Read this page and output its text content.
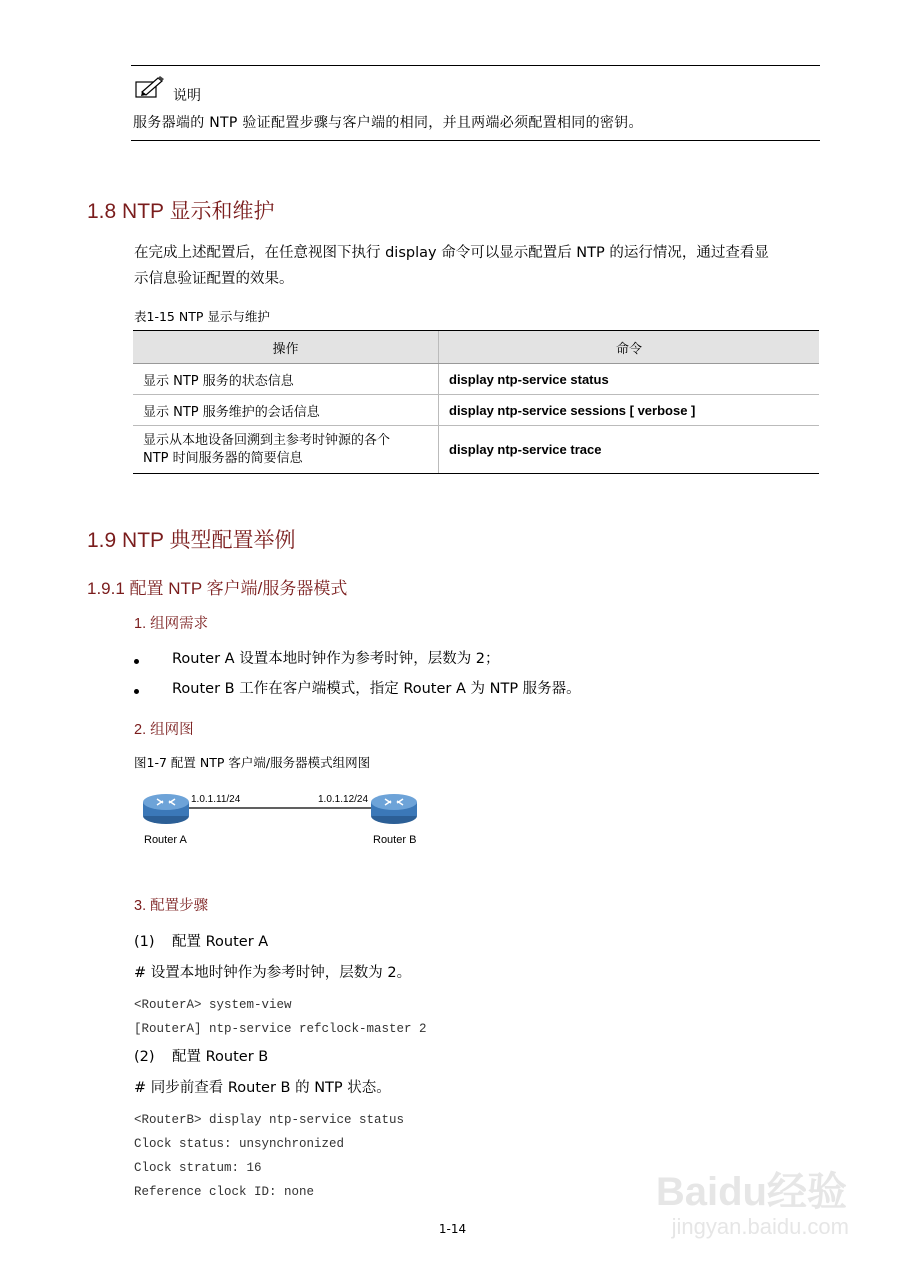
说明
服务器端的 NTP 验证配置步骤与客户端的相同，并且两端必须配置相同的密钥。
1.8 NTP 显示和维护
在完成上述配置后，在任意视图下执行 display 命令可以显示配置后 NTP 的运行情况，通过查看显
示信息验证配置的效果。
表1-15 NTP 显示与维护
操作	命令
显示 NTP 服务的状态信息	display ntp-service status
显示 NTP 服务维护的会话信息	display ntp-service sessions [ verbose ]

显示从本地设备回溯到主参考时钟源的各个
NTP 时间服务器的简要信息	display ntp-service trace
1.9 NTP 典型配置举例
1.9.1 配置 NTP 客户端/服务器模式
1. 组网需求
Router A 设置本地时钟作为参考时钟，层数为 2；
Router B 工作在客户端模式，指定 Router A 为 NTP 服务器。
2. 组网图
图1-7 配置 NTP 客户端/服务器模式组网图
1.0.1.11/24	1.0.1.12/24
Router A	Router B
3. 配置步骤
(1) 配置 Router A
# 设置本地时钟作为参考时钟，层数为 2。
<RouterA> system-view
[RouterA] ntp-service refclock-master 2
(2) 配置 Router B
# 同步前查看 Router B 的 NTP 状态。
<RouterB> display ntp-service status
Clock status: unsynchronized
Clock stratum: 16
Reference clock ID: none	Baidu经验
jingyan.baidu.com
1-14
